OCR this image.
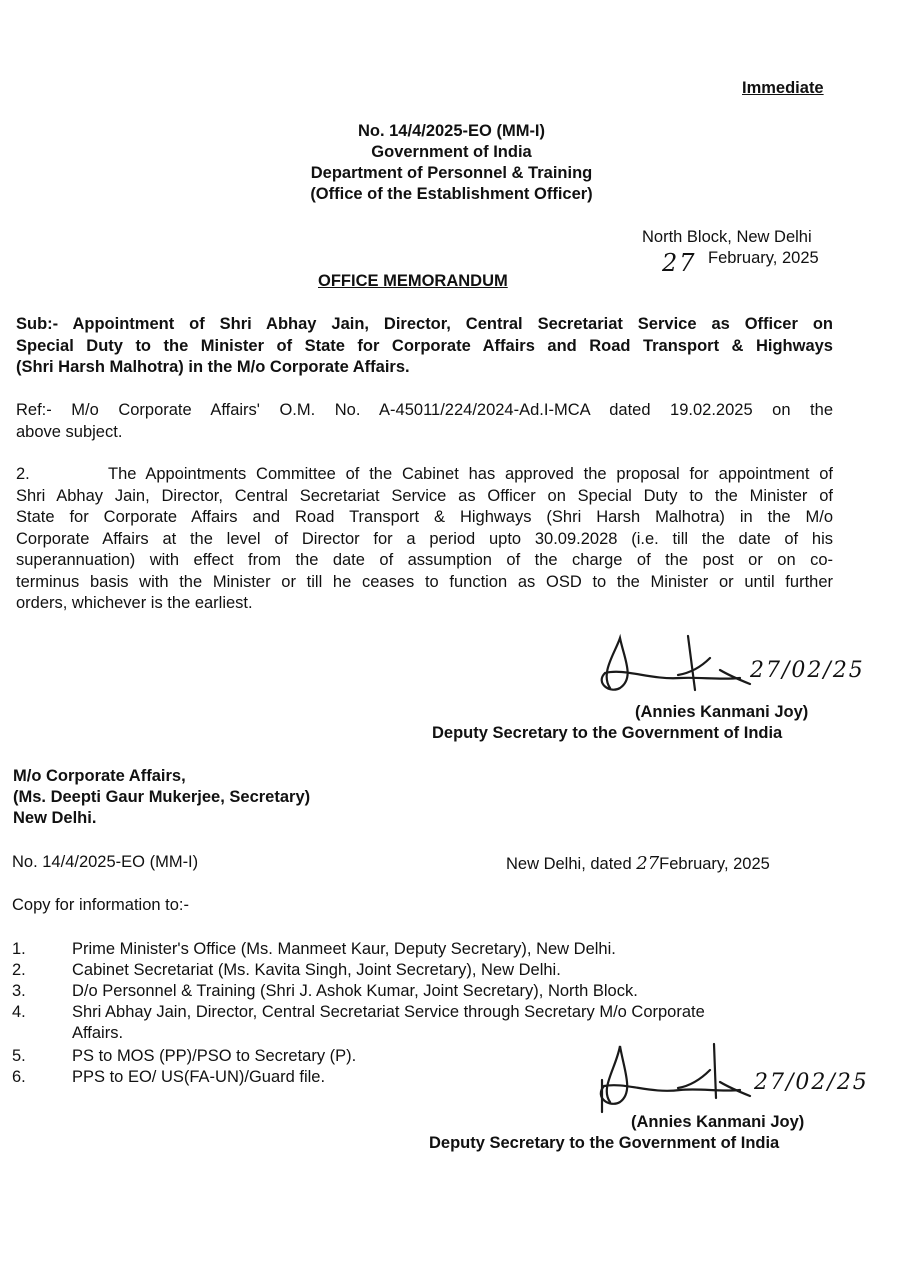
Immediate
No. 14/4/2025-EO (MM-I)
Government of India
Department of Personnel & Training
(Office of the Establishment Officer)
North Block, New Delhi
27 February, 2025
OFFICE MEMORANDUM
Sub:- Appointment of Shri Abhay Jain, Director, Central Secretariat Service as Officer on
Special Duty to the Minister of State for Corporate Affairs and Road Transport & Highways
(Shri Harsh Malhotra) in the M/o Corporate Affairs.
Ref:- M/o Corporate Affairs' O.M. No. A-45011/224/2024-Ad.I-MCA dated 19.02.2025 on the
above subject.
2.        The Appointments Committee of the Cabinet has approved the proposal for appointment of
Shri Abhay Jain, Director, Central Secretariat Service as Officer on Special Duty to the Minister of
State for Corporate Affairs and Road Transport & Highways (Shri Harsh Malhotra) in the M/o
Corporate Affairs at the level of Director for a period upto 30.09.2028 (i.e. till the date of his
superannuation) with effect from the date of assumption of the charge of the post or on co-
terminus basis with the Minister or till he ceases to function as OSD to the Minister or until further
orders, whichever is the earliest.
27/02/25
(Annies Kanmani Joy)
Deputy Secretary to the Government of India
M/o Corporate Affairs,
(Ms. Deepti Gaur Mukerjee, Secretary)
New Delhi.
No. 14/4/2025-EO (MM-I)	New Delhi, dated 27February, 2025
Copy for information to:-
1.	Prime Minister's Office (Ms. Manmeet Kaur, Deputy Secretary), New Delhi.
2.	Cabinet Secretariat (Ms. Kavita Singh, Joint Secretary), New Delhi.
3.	D/o Personnel & Training (Shri J. Ashok Kumar, Joint Secretary), North Block.
4.	Shri Abhay Jain, Director, Central Secretariat Service through Secretary M/o Corporate
Affairs.
5.	PS to MOS (PP)/PSO to Secretary (P).
6.	PPS to EO/ US(FA-UN)/Guard file.	27/02/25
(Annies Kanmani Joy)
Deputy Secretary to the Government of India
